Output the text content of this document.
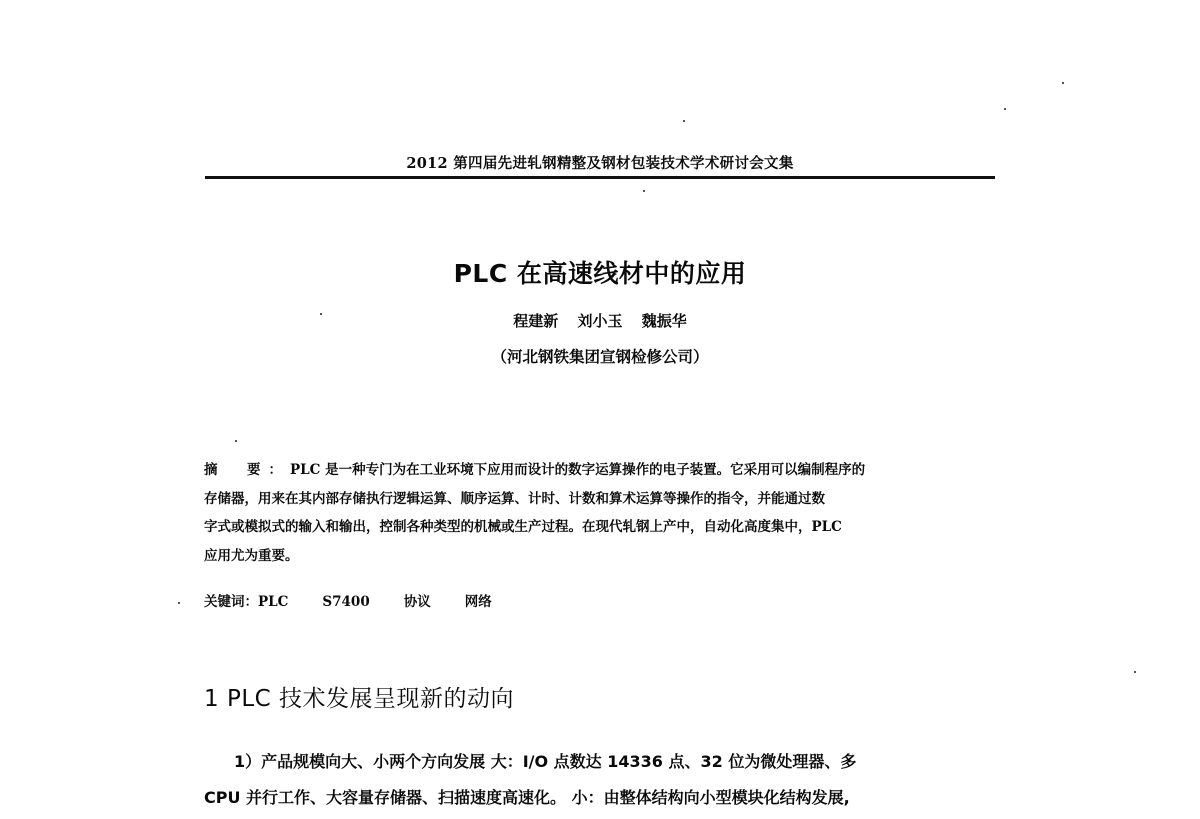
2012 第四届先进轧钢精整及钢材包装技术学术研讨会文集
PLC 在高速线材中的应用
程建新 刘小玉 魏振华
（河北钢铁集团宣钢检修公司）
摘　要：PLC 是一种专门为在工业环境下应用而设计的数字运算操作的电子装置。它采用可以编制程序的
存储器，用来在其内部存储执行逻辑运算、顺序运算、计时、计数和算术运算等操作的指令，并能通过数
字式或模拟式的输入和输出，控制各种类型的机械或生产过程。在现代轧钢上产中，自动化高度集中，PLC
应用尤为重要。
关键词：PLC	S7400	协议	网络
1 PLC 技术发展呈现新的动向
1）产品规模向大、小两个方向发展 大：I/O 点数达 14336 点、32 位为微处理器、多
CPU 并行工作、大容量存储器、扫描速度高速化。 小：由整体结构向小型模块化结构发展,
